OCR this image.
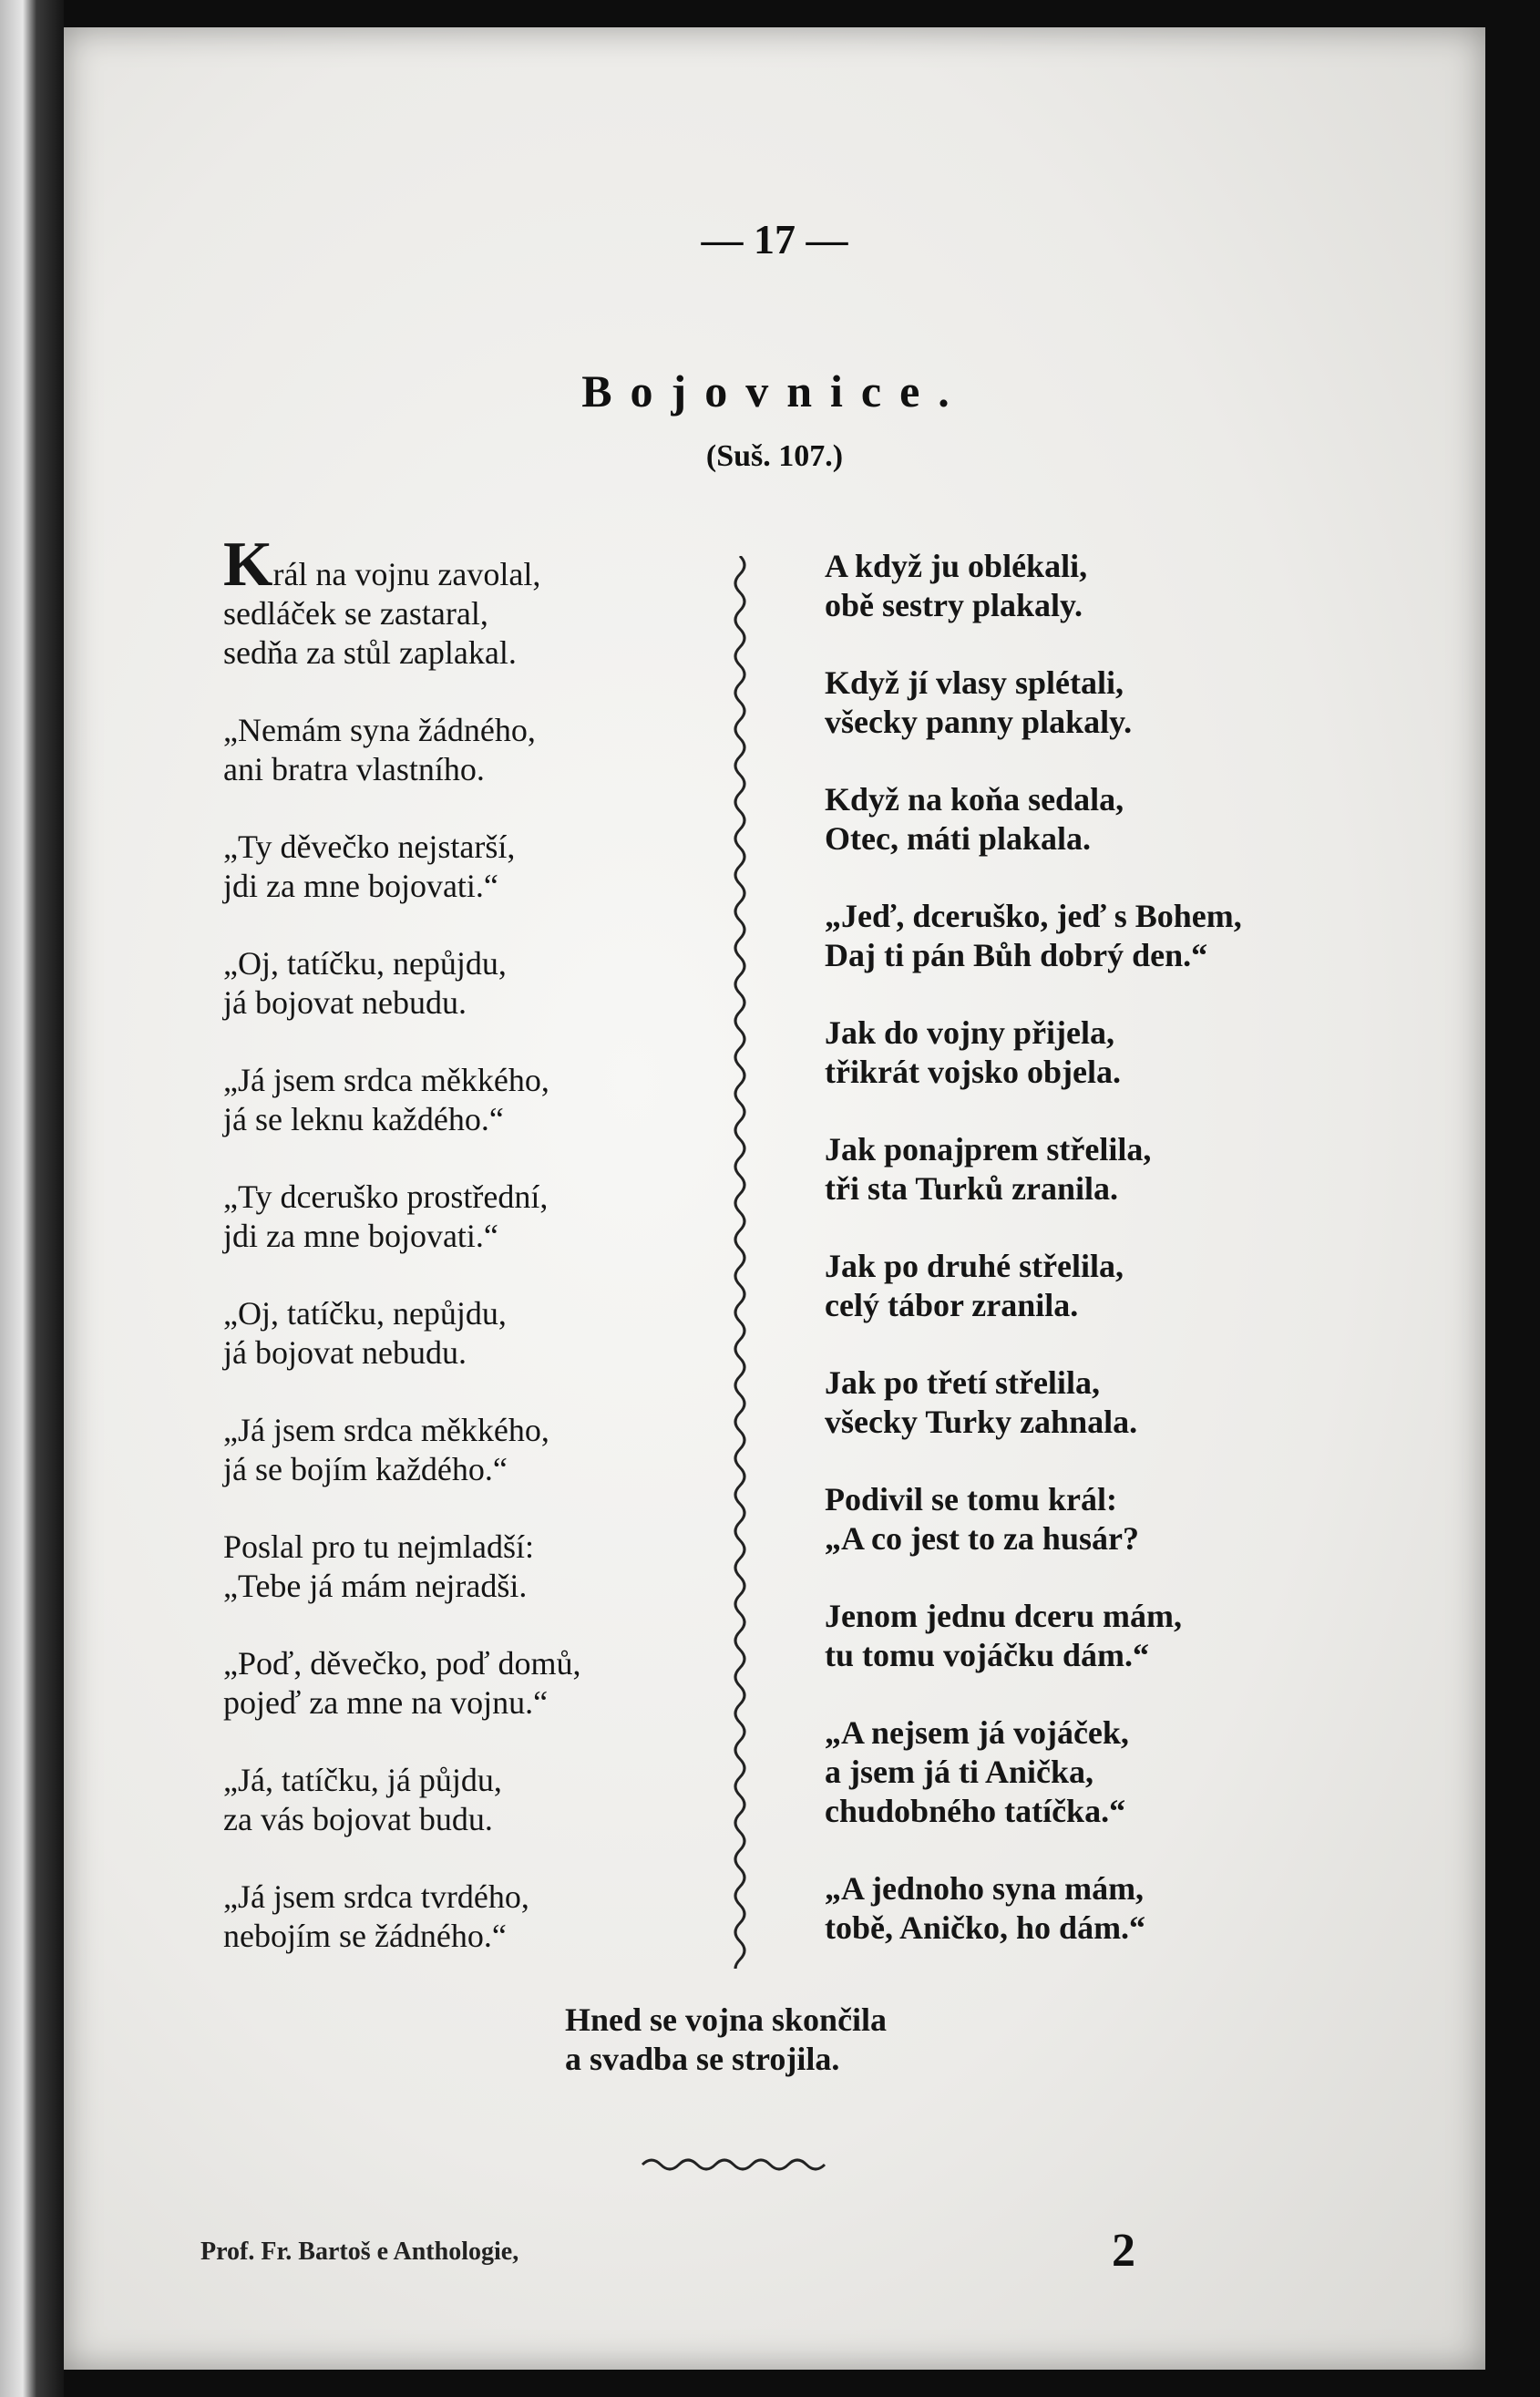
— 17 —
Bojovnice.
(Suš. 107.)
Král na vojnu zavolal,
sedláček se zastaral,
sedňa za stůl zaplakal.
„Nemám syna žádného,
ani bratra vlastního.
„Ty děvečko nejstarší,
jdi za mne bojovati.“
„Oj, tatíčku, nepůjdu,
já bojovat nebudu.
„Já jsem srdca měkkého,
já se leknu každého.“
„Ty dceruško prostřední,
jdi za mne bojovati.“
„Oj, tatíčku, nepůjdu,
já bojovat nebudu.
„Já jsem srdca měkkého,
já se bojím každého.“
Poslal pro tu nejmladší:
„Tebe já mám nejradši.
„Poď, děvečko, poď domů,
pojeď za mne na vojnu.“
„Já, tatíčku, já půjdu,
za vás bojovat budu.
„Já jsem srdca tvrdého,
nebojím se žádného.“
A když ju oblékali,
obě sestry plakaly.
Když jí vlasy splétali,
všecky panny plakaly.
Když na koňa sedala,
Otec, máti plakala.
„Jeď, dceruško, jeď s Bohem,
Daj ti pán Bůh dobrý den.“
Jak do vojny přijela,
třikrát vojsko objela.
Jak ponajprem střelila,
tři sta Turků zranila.
Jak po druhé střelila,
celý tábor zranila.
Jak po třetí střelila,
všecky Turky zahnala.
Podivil se tomu král:
„A co jest to za husár?
Jenom jednu dceru mám,
tu tomu vojáčku dám.“
„A nejsem já vojáček,
a jsem já ti Anička,
chudobného tatíčka.“
„A jednoho syna mám,
tobě, Aničko, ho dám.“
Hned se vojna skončila
a svadba se strojila.
Prof. Fr. Bartoš e Anthologie,	2
